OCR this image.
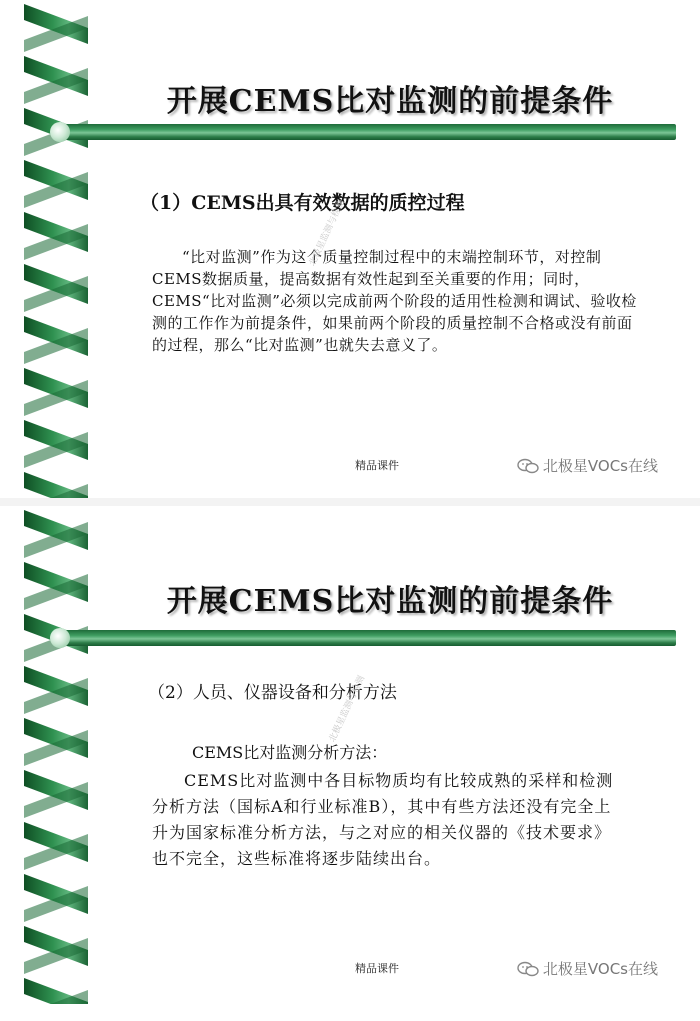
开展CEMS比对监测的前提条件
（1）CEMS出具有效数据的质控过程

“比对监测”作为这个质量控制过程中的末端控制环节，对控制CEMS数据质量，提高数据有效性起到至关重要的作用；同时，CEMS“比对监测”必须以完成前两个阶段的适用性检测和调试、验收检测的工作作为前提条件，如果前两个阶段的质量控制不合格或没有前面的过程，那么“比对监测”也就失去意义了。

北极星监测与检测
精品课件	北极星VOCs在线
开展CEMS比对监测的前提条件
（2）人员、仪器设备和分析方法
CEMS比对监测分析方法：

CEMS比对监测中各目标物质均有比较成熟的采样和检测分析方法（国标A和行业标准B），其中有些方法还没有完全上升为国家标准分析方法，与之对应的相关仪器的《技术要求》也不完全，这些标准将逐步陆续出台。

北极星监测与检测
精品课件	北极星VOCs在线
